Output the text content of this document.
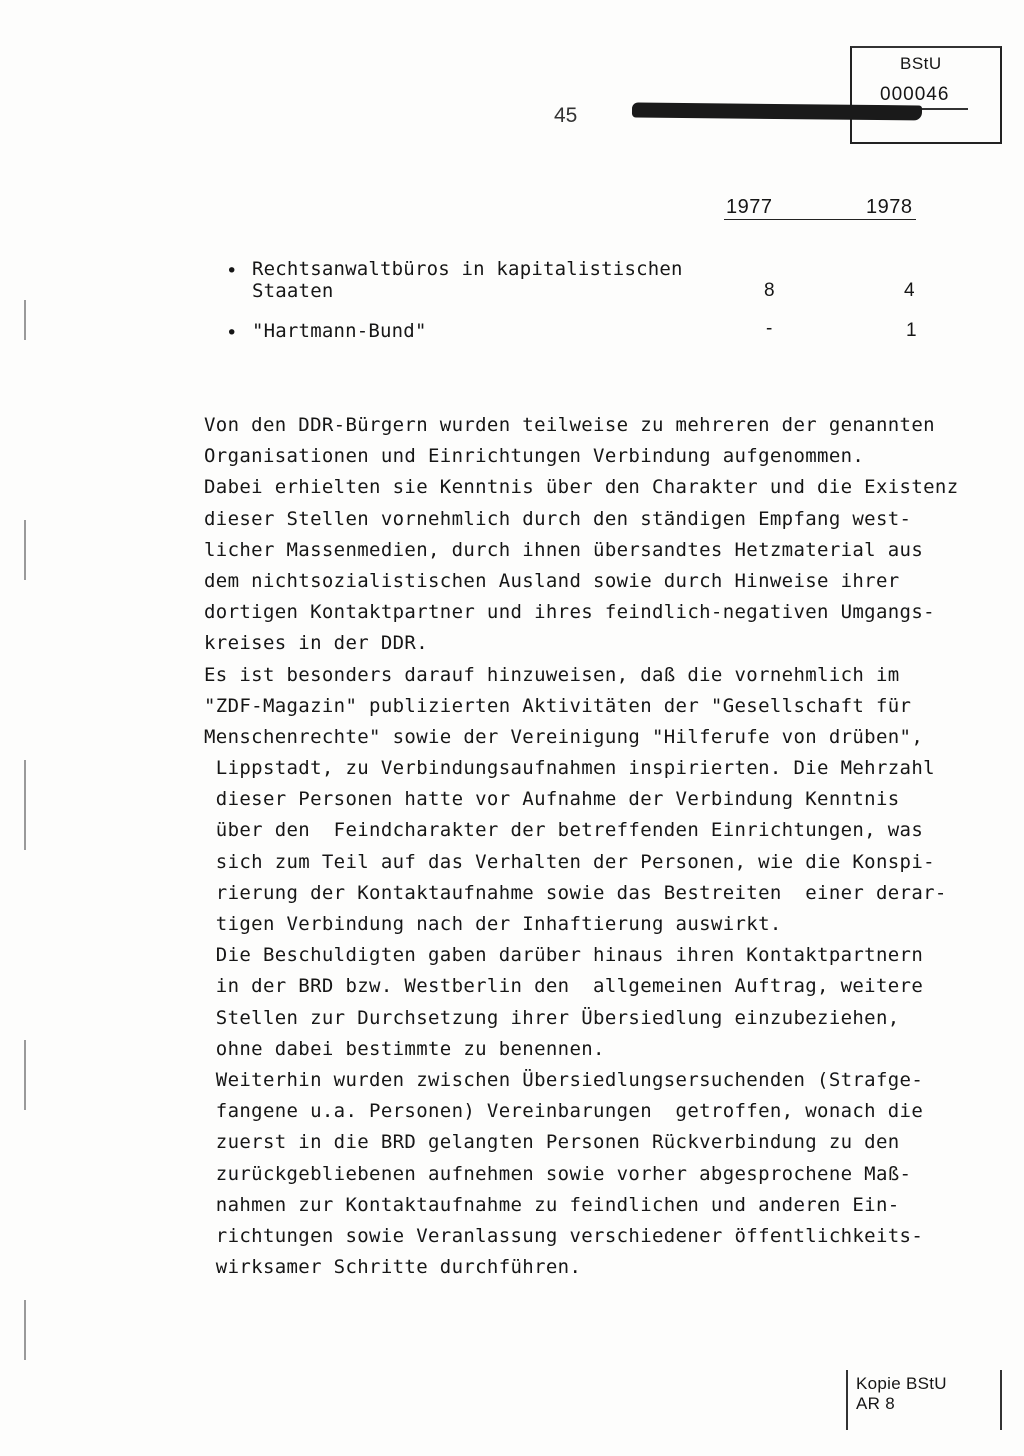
BStU
000046
45
1977	1978
• Rechtsanwaltbüros in kapitalistischen
Staaten	8	4
• "Hartmann-Bund"	-	1
Von den DDR-Bürgern wurden teilweise zu mehreren der genannten
Organisationen und Einrichtungen Verbindung aufgenommen.
Dabei erhielten sie Kenntnis über den Charakter und die Existenz
dieser Stellen vornehmlich durch den ständigen Empfang west-
licher Massenmedien, durch ihnen übersandtes Hetzmaterial aus
dem nichtsozialistischen Ausland sowie durch Hinweise ihrer
dortigen Kontaktpartner und ihres feindlich-negativen Umgangs-
kreises in der DDR.
Es ist besonders darauf hinzuweisen, daß die vornehmlich im
"ZDF-Magazin" publizierten Aktivitäten der "Gesellschaft für
Menschenrechte" sowie der Vereinigung "Hilferufe von drüben",
Lippstadt, zu Verbindungsaufnahmen inspirierten. Die Mehrzahl
dieser Personen hatte vor Aufnahme der Verbindung Kenntnis
über den  Feindcharakter der betreffenden Einrichtungen, was
sich zum Teil auf das Verhalten der Personen, wie die Konspi-
rierung der Kontaktaufnahme sowie das Bestreiten  einer derar-
tigen Verbindung nach der Inhaftierung auswirkt.
Die Beschuldigten gaben darüber hinaus ihren Kontaktpartnern
in der BRD bzw. Westberlin den  allgemeinen Auftrag, weitere
Stellen zur Durchsetzung ihrer Übersiedlung einzubeziehen,
ohne dabei bestimmte zu benennen.
Weiterhin wurden zwischen Übersiedlungsersuchenden (Strafge-
fangene u.a. Personen) Vereinbarungen  getroffen, wonach die
zuerst in die BRD gelangten Personen Rückverbindung zu den
zurückgebliebenen aufnehmen sowie vorher abgesprochene Maß-
nahmen zur Kontaktaufnahme zu feindlichen und anderen Ein-
richtungen sowie Veranlassung verschiedener öffentlichkeits-
wirksamer Schritte durchführen.
Kopie BStU
AR 8
